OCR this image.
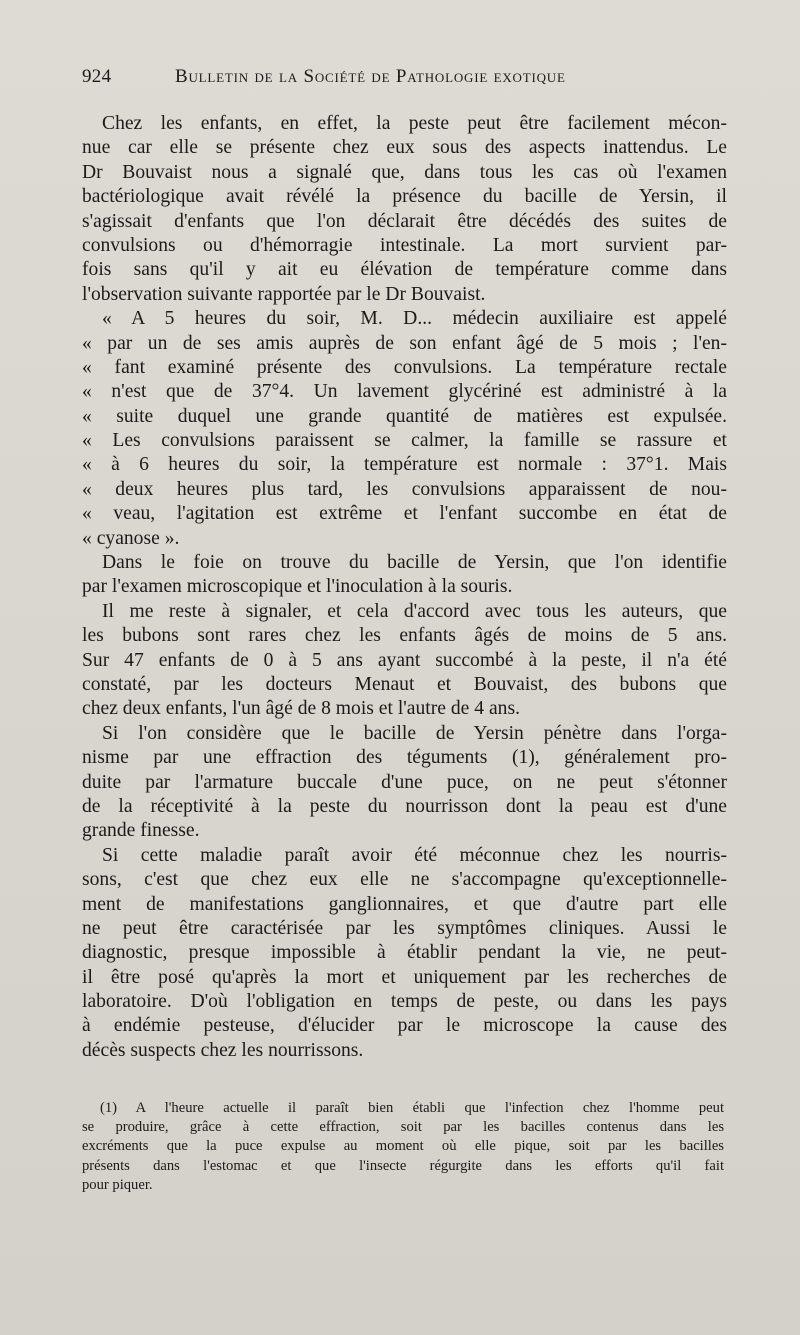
924	Bulletin de la Société de Pathologie exotique
Chez les enfants, en effet, la peste peut être facilement mécon-
nue car elle se présente chez eux sous des aspects inattendus. Le
Dr Bouvaist nous a signalé que, dans tous les cas où l'examen
bactériologique avait révélé la présence du bacille de Yersin, il
s'agissait d'enfants que l'on déclarait être décédés des suites de
convulsions ou d'hémorragie intestinale. La mort survient par-
fois sans qu'il y ait eu élévation de température comme dans
l'observation suivante rapportée par le Dr Bouvaist.
« A 5 heures du soir, M. D... médecin auxiliaire est appelé
« par un de ses amis auprès de son enfant âgé de 5 mois ; l'en-
« fant examiné présente des convulsions. La température rectale
« n'est que de 37°4. Un lavement glycériné est administré à la
« suite duquel une grande quantité de matières est expulsée.
« Les convulsions paraissent se calmer, la famille se rassure et
« à 6 heures du soir, la température est normale : 37°1. Mais
« deux heures plus tard, les convulsions apparaissent de nou-
« veau, l'agitation est extrême et l'enfant succombe en état de
« cyanose ».
Dans le foie on trouve du bacille de Yersin, que l'on identifie
par l'examen microscopique et l'inoculation à la souris.
Il me reste à signaler, et cela d'accord avec tous les auteurs, que
les bubons sont rares chez les enfants âgés de moins de 5 ans.
Sur 47 enfants de 0 à 5 ans ayant succombé à la peste, il n'a été
constaté, par les docteurs Menaut et Bouvaist, des bubons que
chez deux enfants, l'un âgé de 8 mois et l'autre de 4 ans.
Si l'on considère que le bacille de Yersin pénètre dans l'orga-
nisme par une effraction des téguments (1), généralement pro-
duite par l'armature buccale d'une puce, on ne peut s'étonner
de la réceptivité à la peste du nourrisson dont la peau est d'une
grande finesse.
Si cette maladie paraît avoir été méconnue chez les nourris-
sons, c'est que chez eux elle ne s'accompagne qu'exceptionnelle-
ment de manifestations ganglionnaires, et que d'autre part elle
ne peut être caractérisée par les symptômes cliniques. Aussi le
diagnostic, presque impossible à établir pendant la vie, ne peut-
il être posé qu'après la mort et uniquement par les recherches de
laboratoire. D'où l'obligation en temps de peste, ou dans les pays
à endémie pesteuse, d'élucider par le microscope la cause des
décès suspects chez les nourrissons.
(1) A l'heure actuelle il paraît bien établi que l'infection chez l'homme peut
se produire, grâce à cette effraction, soit par les bacilles contenus dans les
excréments que la puce expulse au moment où elle pique, soit par les bacilles
présents dans l'estomac et que l'insecte régurgite dans les efforts qu'il fait
pour piquer.
